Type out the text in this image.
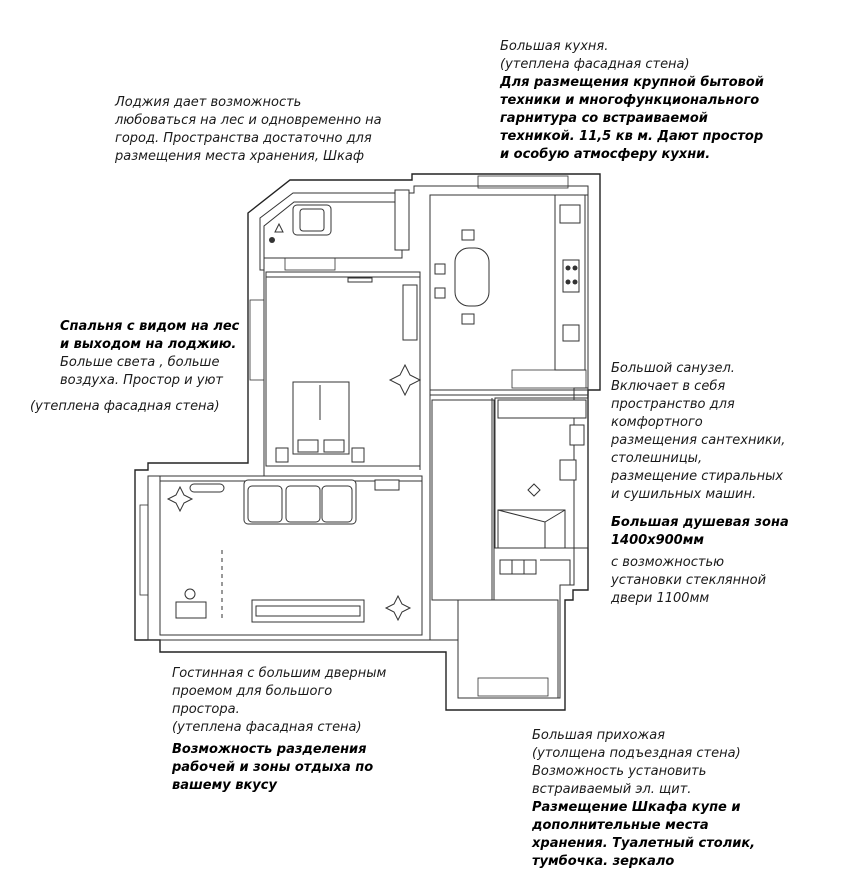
Большая кухня.

(утеплена фасадная стена)

Для размещения крупной бытовой

техники и многофункционального

гарнитура со встраиваемой

техникой. 11,5 кв м. Дают простор

и особую атмосферу кухни.

Лоджия дает возможность

любоваться на лес и одновременно на

город. Пространства достаточно для

размещения места хранения, Шкаф

Спальня с видом на лес

и выходом на лоджию.

Больше света , больше

воздуха. Простор и уют

(утеплена фасадная стена)

Большой санузел.

Включает в себя

пространство для

комфортного

размещения сантехники,

столешницы,

размещение стиральных

и сушильных машин.

Большая душевая зона

1400x900мм

с возможностью

установки стеклянной

двери 1100мм

Гостинная с большим дверным

проемом для большого

простора.

(утеплена фасадная стена)

Возможность разделения

рабочей и зоны отдыха по

вашему вкусу

Большая прихожая

(утолщена подъездная стена)

Возможность установить

встраиваемый эл. щит.

Размещение Шкафа купе и

дополнительные места

хранения. Туалетный столик,

тумбочка. зеркало
